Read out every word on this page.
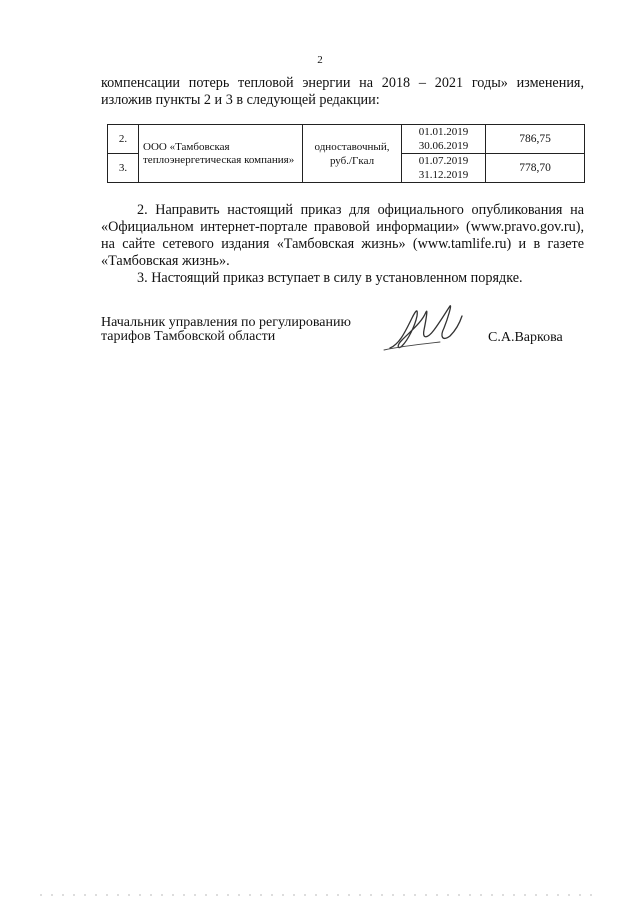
2
компенсации потерь тепловой энергии на 2018 – 2021 годы» изменения,
изложив пункты 2 и 3 в следующей редакции:
2.	ООО «Тамбовская теплоэнергетическая компания»	одноставочный, руб./Гкал	01.01.2019
30.06.2019	786,75
3.			01.07.2019
31.12.2019	778,70

2. Направить настоящий приказ для официального опубликования на «Официальном интернет-портале правовой информации» (www.pravo.gov.ru), на сайте сетевого издания «Тамбовская жизнь» (www.tamlife.ru) и в газете «Тамбовская жизнь».

3. Настоящий приказ вступает в силу в установленном порядке.

Начальник управления по регулированию
тарифов Тамбовской области	С.А.Варкова
